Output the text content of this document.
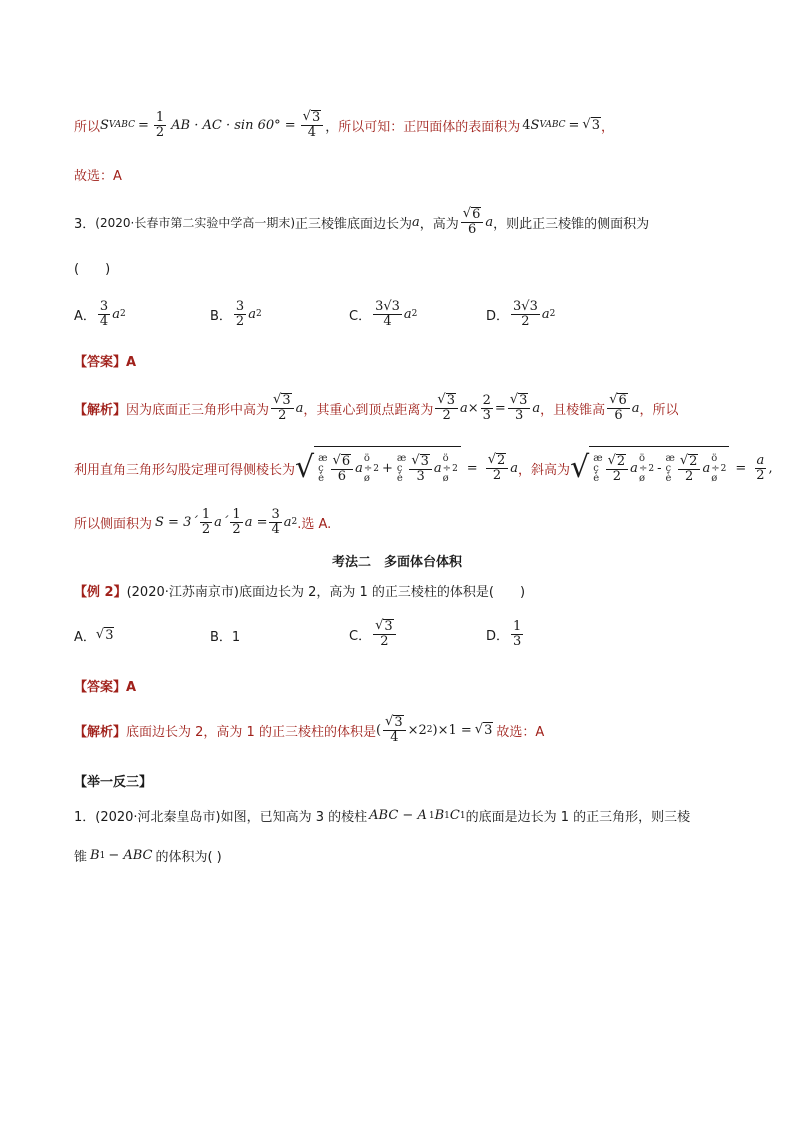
所以 S VABC = $\frac{1}{2}$ AB · AC · $\sin 60^\circ = \frac{√ 3}{4}$ ， 所以可知：正四面体的表面积为 4 S VABC = √ 3 ，
故选：A
3． (2020·长春市第二实验中学高一期末) 正三棱锥底面边长为 a ，高为 $\frac{√ 6}{6}$ a ，则此正三棱锥的侧面积为
(　　)
A． $\frac{3}{4}$ a 2	B． $\frac{3}{2}$ a 2	C． $\frac{3√3}{4}$ a 2	D． $\frac{3√3}{2}$ a 2
【答案】A
【解析】 因为底面正三角形中高为 $\frac{√ 3}{2}$ a ，其重心到顶点距离为 $\frac{√ 3}{2}$ $a \times \frac{2}{3} = \frac{√ 3}{3}$ a ，且棱锥高 $\frac{√ 6}{6}$ a ，所以
利用直角三角形勾股定理可得侧棱长为 √ æ
ç
è $\frac{√ 6}{6}$ a
ö
÷
ø
2 +
æ
ç
è $\frac{√ 3}{3}$ a
ö
÷
ø
$2 = \frac{√ 2}{2}$ a ，斜高为 √ æ
ç
è $\frac{√ 2}{2}$ a
ö
÷
ø
2 -
æ
ç
è $\frac{√ 2}{2}$ a
ö
÷
ø
$2 = \frac{a}{2}$ ,
所以侧面积为 S = 3´ $\frac{1}{2}$ a´ $\frac{1}{2}$ $a = \frac{3}{4}$ a 2 .选 A.
考法二　多面体台体积
【例 2】 (2020·江苏南京市)底面边长为 2，高为 1 的正三棱柱的体积是(　　)
A． √ 3	B．1	C． $\frac{√ 3}{2}$	D． $\frac{1}{3}$
【答案】A
【解析】 底面边长为 2，高为 1 的正三棱柱的体积是 ( $\frac{√ 3}{4} \times 2$ 2 )×1 = √ 3 故选：A
【举一反三】
1．(2020·河北秦皇岛市)如图，已知高为 3 的棱柱 ABC − A 1 B 1 C 1 的底面是边长为 1 的正三角形，则三棱
锥 B 1 − ABC 的体积为( )
